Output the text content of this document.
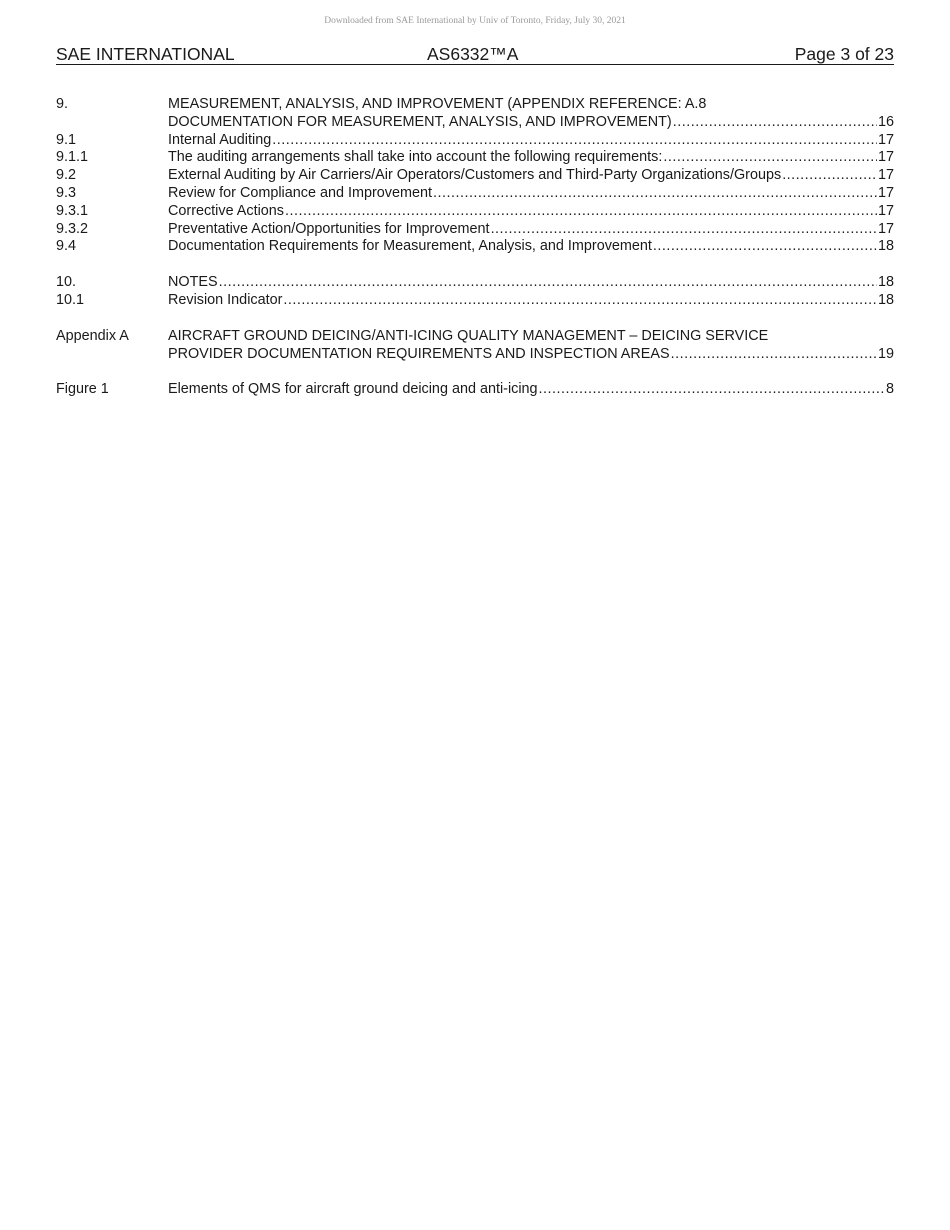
Downloaded from SAE International by Univ of Toronto, Friday, July 30, 2021
SAE INTERNATIONAL	AS6332™A	Page 3 of 23
9.	MEASUREMENT, ANALYSIS, AND IMPROVEMENT (APPENDIX REFERENCE: A.8
DOCUMENTATION FOR MEASUREMENT, ANALYSIS, AND IMPROVEMENT) .....	16
9.1	Internal Auditing .....	17
9.1.1	The auditing arrangements shall take into account the following requirements: .....	17
9.2	External Auditing by Air Carriers/Air Operators/Customers and Third-Party Organizations/Groups .....	17
9.3	Review for Compliance and Improvement .....	17
9.3.1	Corrective Actions .....	17
9.3.2	Preventative Action/Opportunities for Improvement .....	17
9.4	Documentation Requirements for Measurement, Analysis, and Improvement .....	18
10.	NOTES .....	18
10.1	Revision Indicator .....	18
Appendix A	AIRCRAFT GROUND DEICING/ANTI-ICING QUALITY MANAGEMENT – DEICING SERVICE
PROVIDER DOCUMENTATION REQUIREMENTS AND INSPECTION AREAS .....	19
Figure 1	Elements of QMS for aircraft ground deicing and anti-icing .....	8
